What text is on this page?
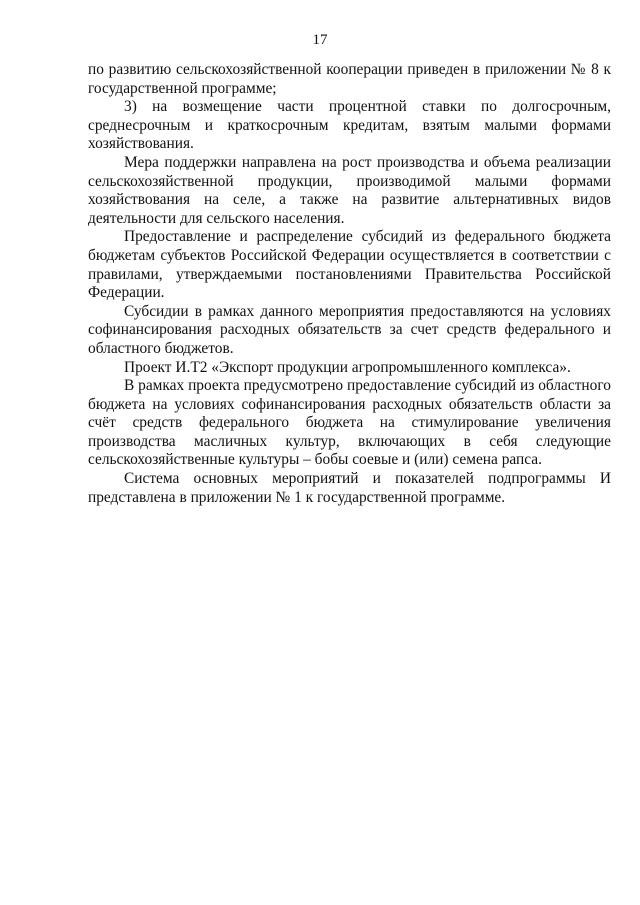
17

по развитию сельскохозяйственной кооперации приведен в приложении № 8 к государственной программе;

3) на возмещение части процентной ставки по долгосрочным, среднесрочным и краткосрочным кредитам, взятым малыми формами хозяйствования.

Мера поддержки направлена на рост производства и объема реализации сельскохозяйственной продукции, производимой малыми формами хозяйствования на селе, а также на развитие альтернативных видов деятельности для сельского населения.

Предоставление и распределение субсидий из федерального бюджета бюджетам субъектов Российской Федерации осуществляется в соответствии с правилами, утверждаемыми постановлениями Правительства Российской Федерации.

Субсидии в рамках данного мероприятия предоставляются на условиях софинансирования расходных обязательств за счет средств федерального и областного бюджетов.

Проект И.Т2 «Экспорт продукции агропромышленного комплекса».

В рамках проекта предусмотрено предоставление субсидий из областного бюджета на условиях софинансирования расходных обязательств области за счёт средств федерального бюджета на стимулирование увеличения производства масличных культур, включающих в себя следующие сельскохозяйственные культуры – бобы соевые и (или) семена рапса.

Система основных мероприятий и показателей подпрограммы И представлена в приложении № 1 к государственной программе.
